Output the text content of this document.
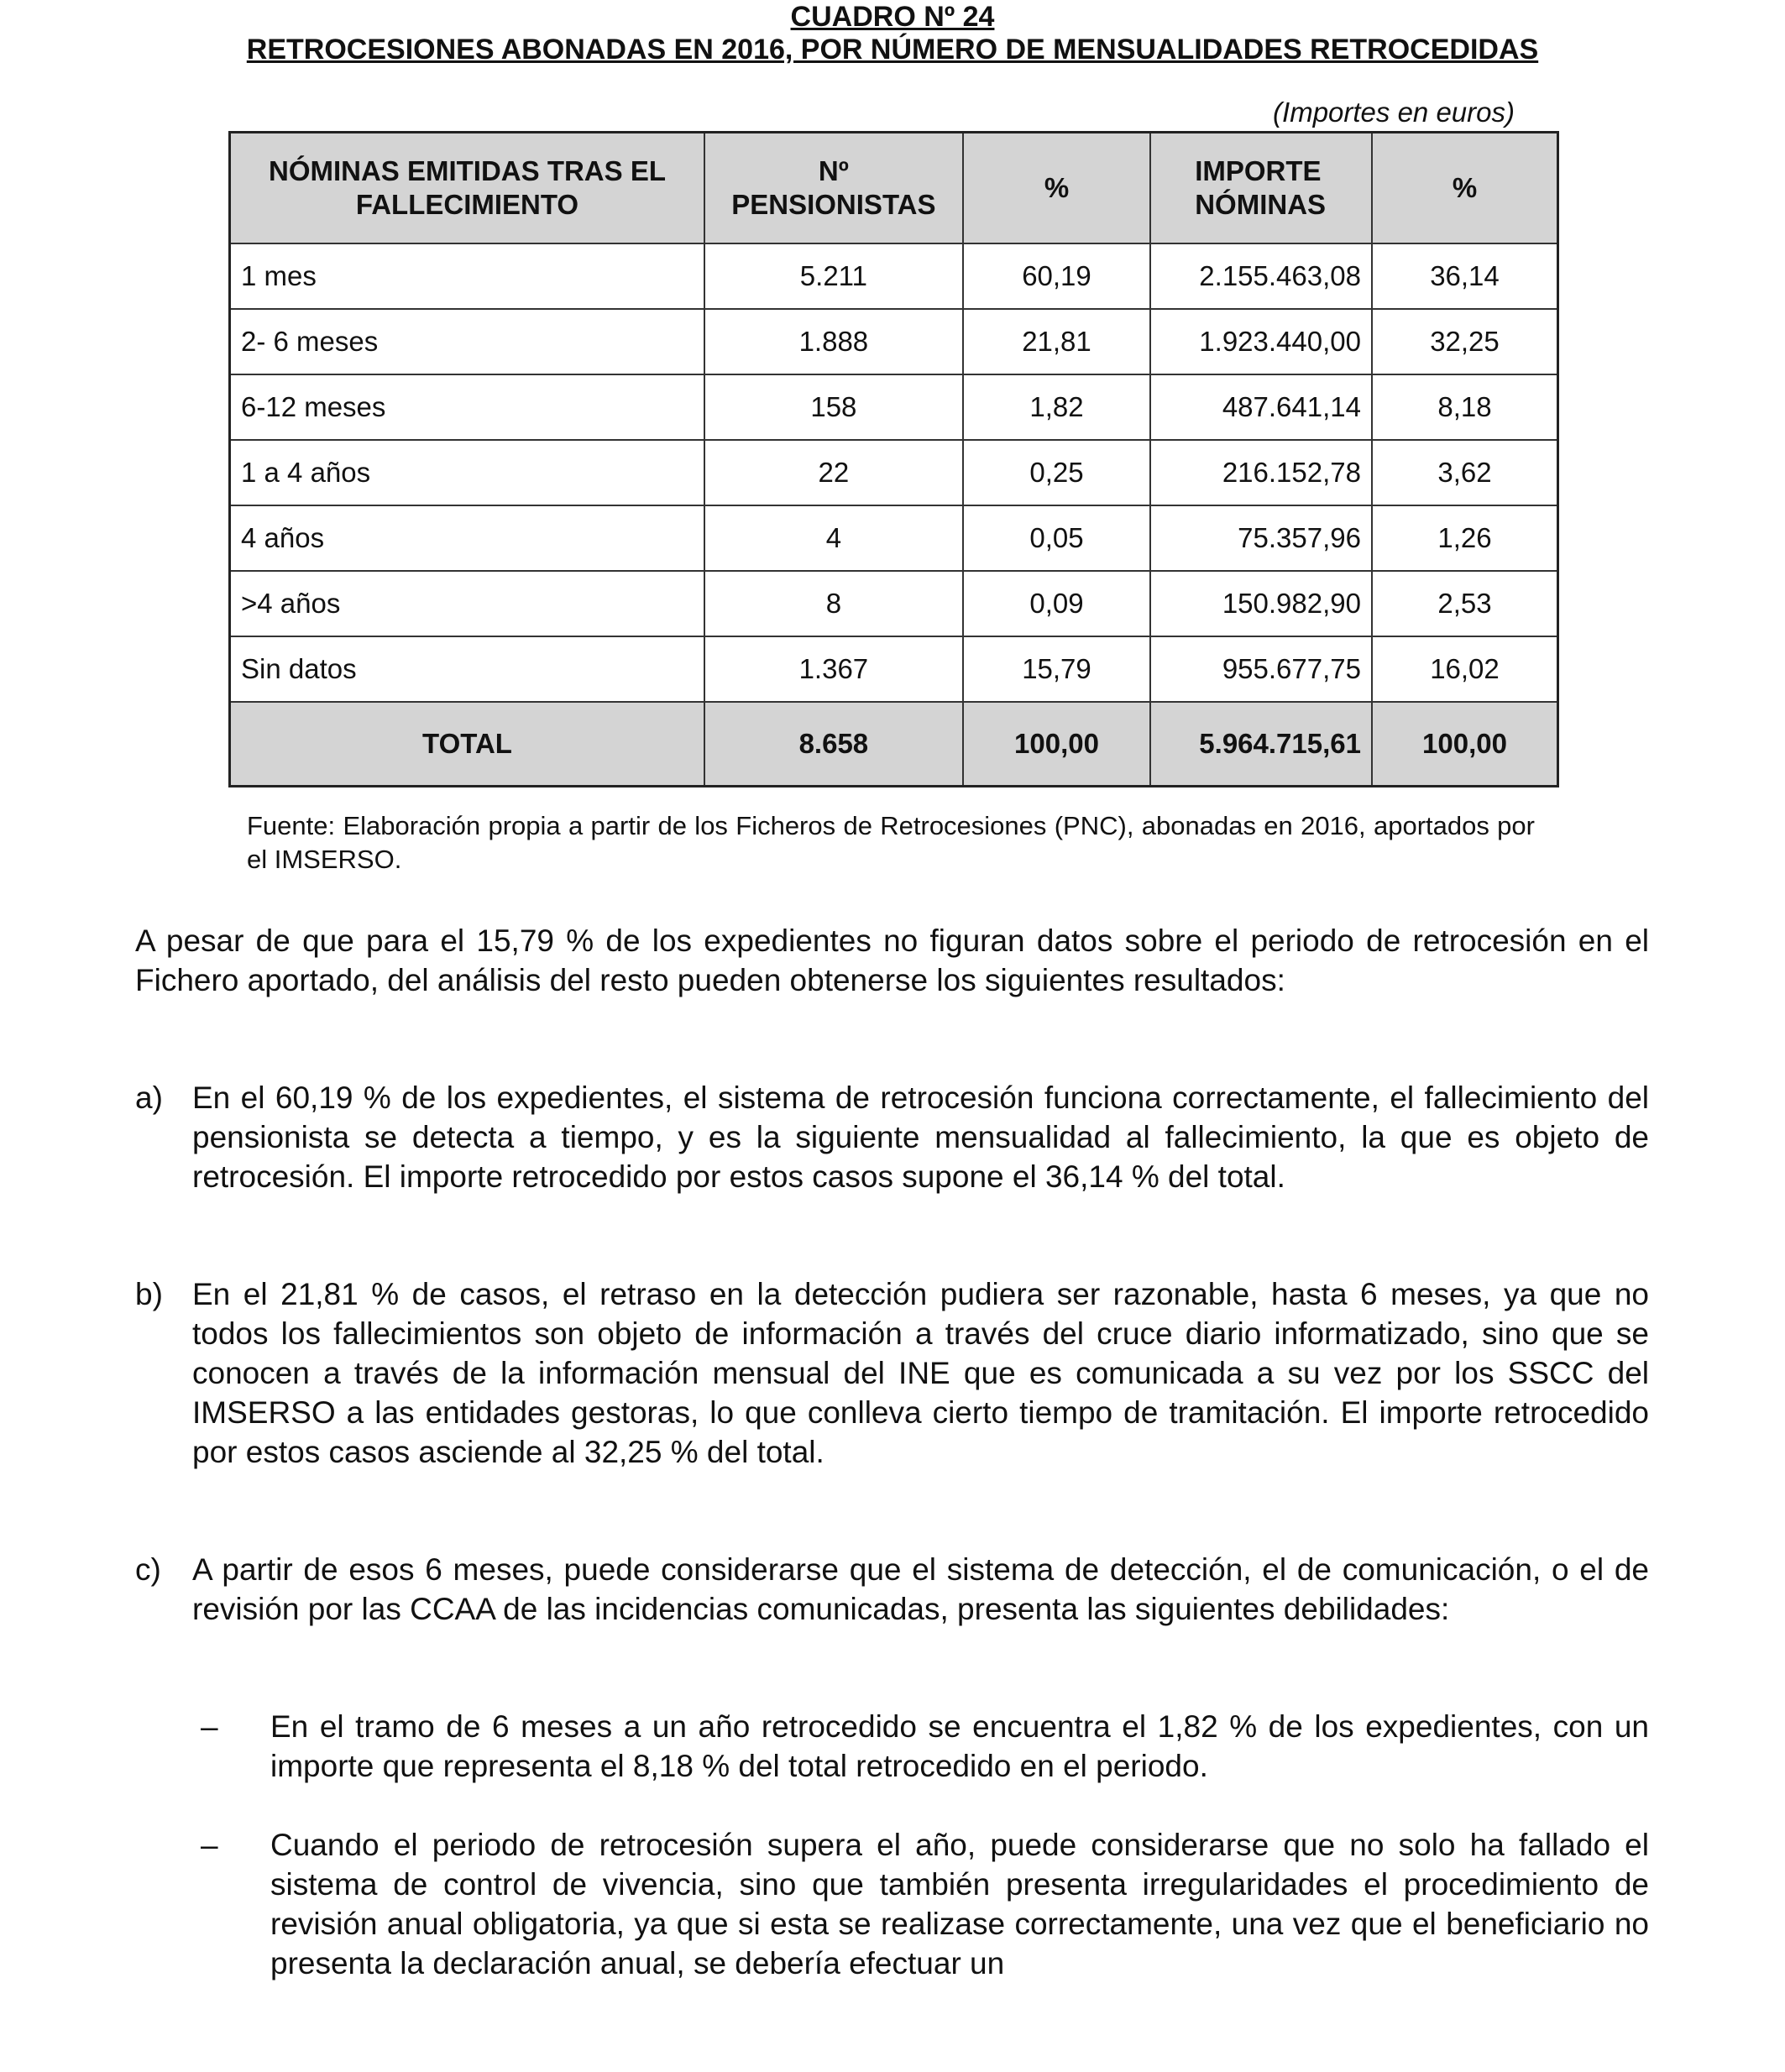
CUADRO Nº 24
RETROCESIONES ABONADAS EN 2016, POR NÚMERO DE MENSUALIDADES RETROCEDIDAS
(Importes en euros)
NÓMINAS EMITIDAS TRAS EL FALLECIMIENTO	Nº PENSIONISTAS	%	IMPORTE NÓMINAS	%
1 mes	5.211	60,19	2.155.463,08	36,14
2- 6 meses	1.888	21,81	1.923.440,00	32,25
6-12 meses	158	1,82	487.641,14	8,18
1 a 4 años	22	0,25	216.152,78	3,62
4 años	4	0,05	75.357,96	1,26
>4 años	8	0,09	150.982,90	2,53
Sin datos	1.367	15,79	955.677,75	16,02
TOTAL	8.658	100,00	5.964.715,61	100,00
Fuente: Elaboración propia a partir de los Ficheros de Retrocesiones (PNC), abonadas en 2016, aportados por el IMSERSO.
A pesar de que para el 15,79 % de los expedientes no figuran datos sobre el periodo de retrocesión en el Fichero aportado, del análisis del resto pueden obtenerse los siguientes resultados:
a) En el 60,19 % de los expedientes, el sistema de retrocesión funciona correctamente, el fallecimiento del pensionista se detecta a tiempo, y es la siguiente mensualidad al fallecimiento, la que es objeto de retrocesión. El importe retrocedido por estos casos supone el 36,14 % del total.
b) En el 21,81 % de casos, el retraso en la detección pudiera ser razonable, hasta 6 meses, ya que no todos los fallecimientos son objeto de información a través del cruce diario informatizado, sino que se conocen a través de la información mensual del INE que es comunicada a su vez por los SSCC del IMSERSO a las entidades gestoras, lo que conlleva cierto tiempo de tramitación. El importe retrocedido por estos casos asciende al 32,25 % del total.
c)	A partir de esos 6 meses, puede considerarse que el sistema de detección, el de comunicación, o el de revisión por las CCAA de las incidencias comunicadas, presenta las siguientes debilidades:
– En el tramo de 6 meses a un año retrocedido se encuentra el 1,82 % de los expedientes, con un importe que representa el 8,18 % del total retrocedido en el periodo.
– Cuando el periodo de retrocesión supera el año, puede considerarse que no solo ha fallado el sistema de control de vivencia, sino que también presenta irregularidades el procedimiento de revisión anual obligatoria, ya que si esta se realizase correctamente, una vez que el beneficiario no presenta la declaración anual, se debería efectuar un
